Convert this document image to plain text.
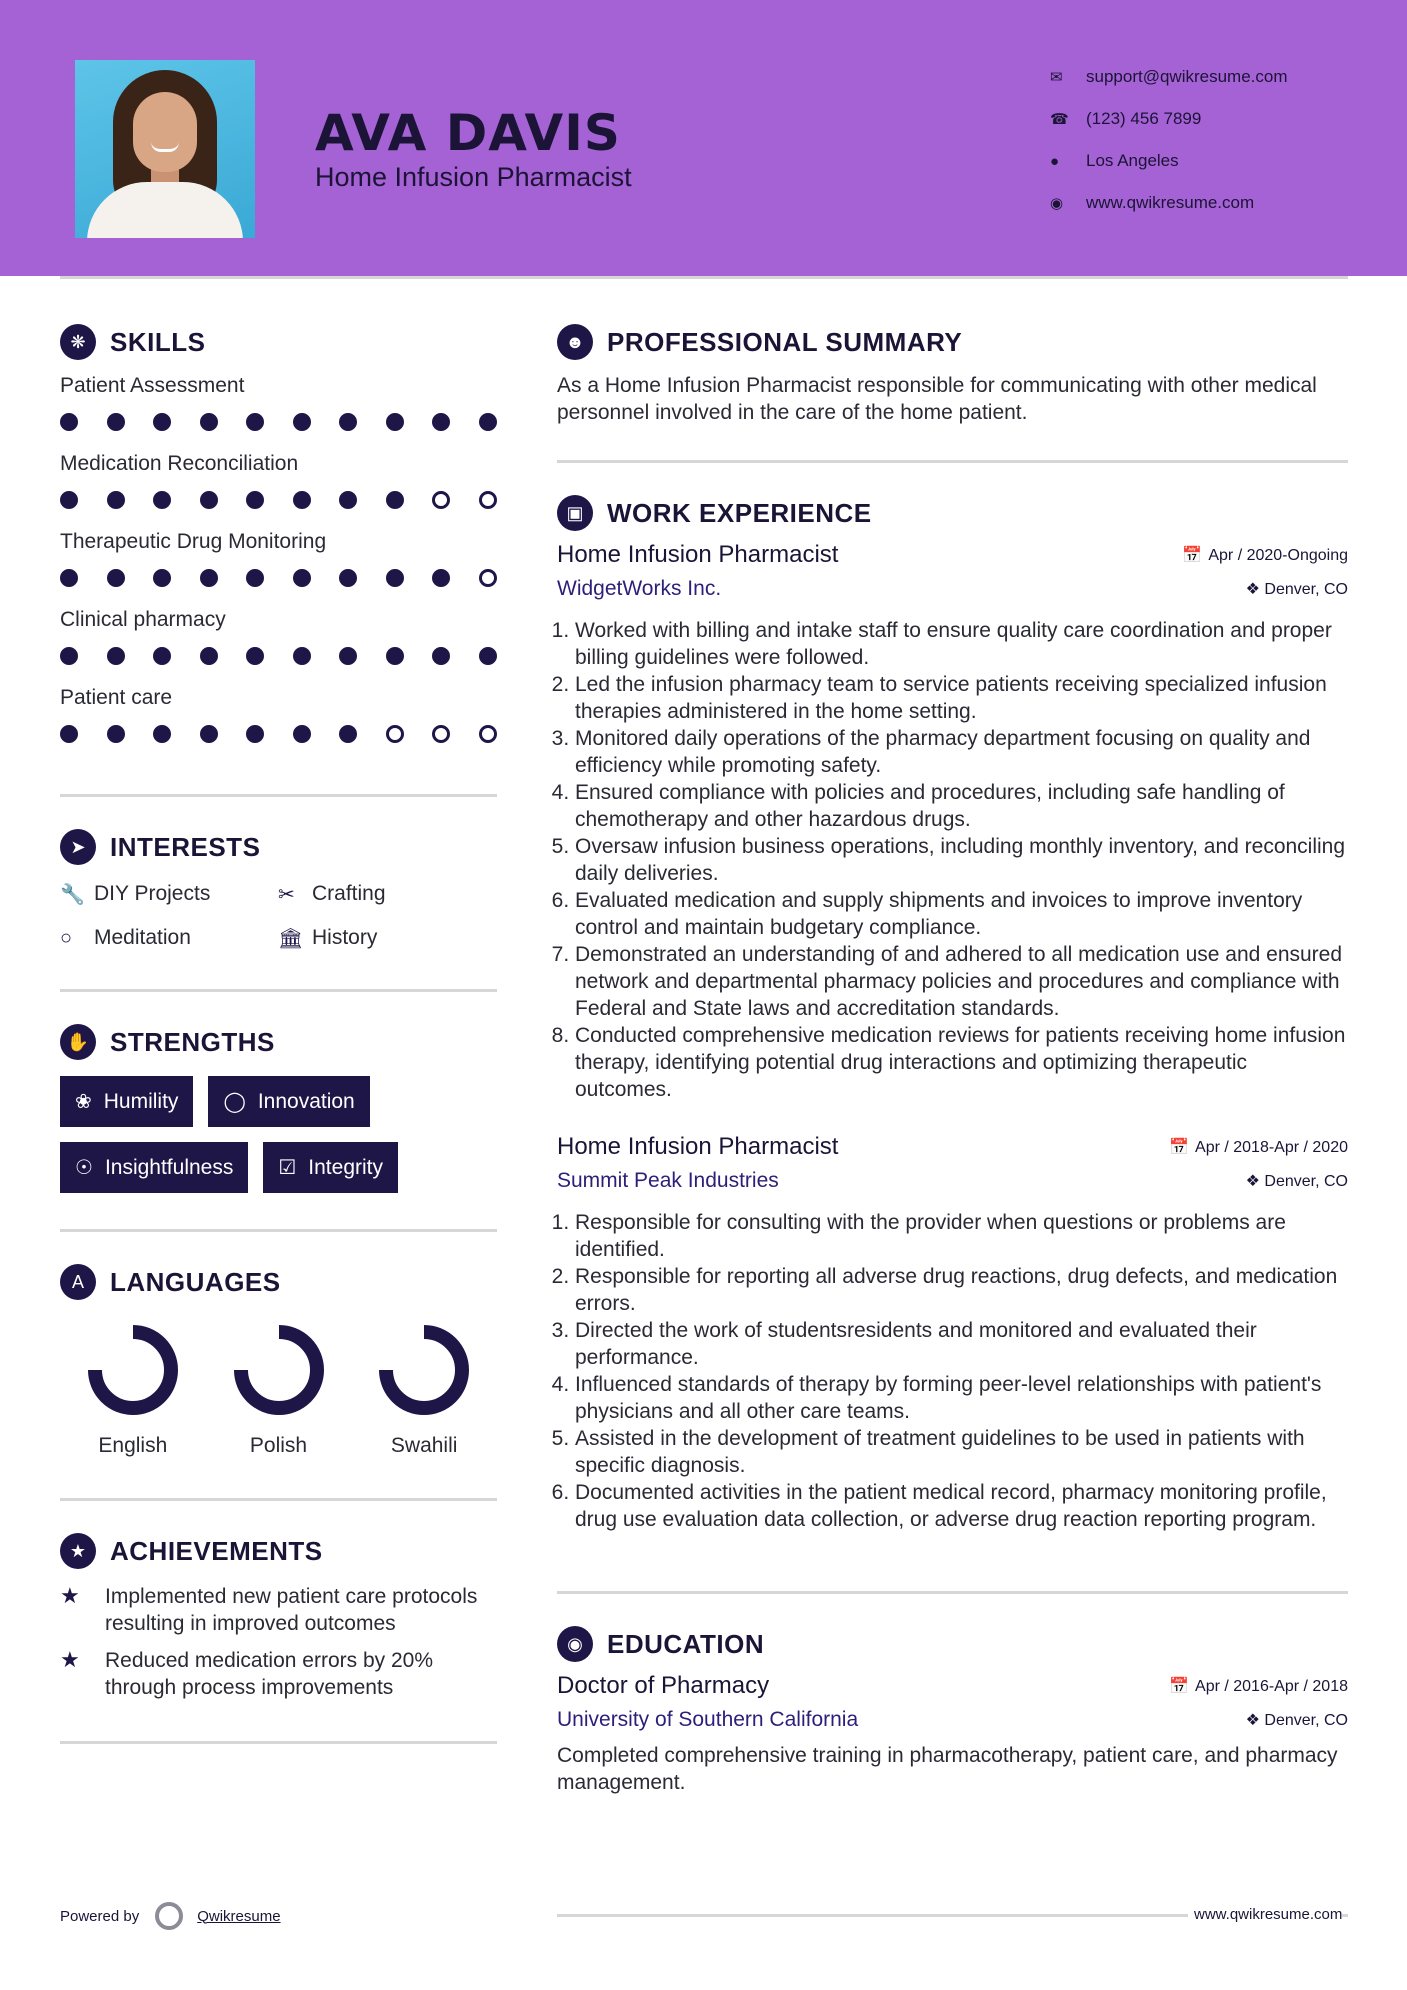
AVA DAVIS
Home Infusion Pharmacist
✉	support@qwikresume.com
☎	(123) 456 7899
●	Los Angeles
◉	www.qwikresume.com
❋ SKILLS
Patient Assessment
Medication Reconciliation
Therapeutic Drug Monitoring
Clinical pharmacy
Patient care
➤ INTERESTS
🔧 DIY Projects	✂ Crafting
○	Meditation	🏛 History
✋ STRENGTHS
❀ Humility ◯ Innovation
☉ Insightfulness ☑ Integrity
A	LANGUAGES
English	Polish	Swahili
★ ACHIEVEMENTS
★	Implemented new patient care protocols resulting in improved outcomes
★	Reduced medication errors by 20% through process improvements
Powered by	Qwikresume
☻ PROFESSIONAL SUMMARY
As a Home Infusion Pharmacist responsible for communicating with other medical personnel involved in the care of the home patient.
▣ WORK EXPERIENCE
Home Infusion Pharmacist	📅 Apr / 2020-Ongoing
WidgetWorks Inc.	❖ Denver, CO
1. Worked with billing and intake staff to ensure quality care coordination and proper billing guidelines were followed.
2. Led the infusion pharmacy team to service patients receiving specialized infusion therapies administered in the home setting.
3. Monitored daily operations of the pharmacy department focusing on quality and efficiency while promoting safety.
4. Ensured compliance with policies and procedures, including safe handling of chemotherapy and other hazardous drugs.
5. Oversaw infusion business operations, including monthly inventory, and reconciling daily deliveries.
6. Evaluated medication and supply shipments and invoices to improve inventory control and maintain budgetary compliance.
7. Demonstrated an understanding of and adhered to all medication use and ensured network and departmental pharmacy policies and procedures and compliance with Federal and State laws and accreditation standards.
8. Conducted comprehensive medication reviews for patients receiving home infusion therapy, identifying potential drug interactions and optimizing therapeutic outcomes.
Home Infusion Pharmacist	📅 Apr / 2018-Apr / 2020
Summit Peak Industries	❖ Denver, CO
1. Responsible for consulting with the provider when questions or problems are identified.
2. Responsible for reporting all adverse drug reactions, drug defects, and medication errors.
3. Directed the work of studentsresidents and monitored and evaluated their performance.
4. Influenced standards of therapy by forming peer-level relationships with patient's physicians and all other care teams.
5. Assisted in the development of treatment guidelines to be used in patients with specific diagnosis.
6. Documented activities in the patient medical record, pharmacy monitoring profile, drug use evaluation data collection, or adverse drug reaction reporting program.
◉ EDUCATION
Doctor of Pharmacy	📅 Apr / 2016-Apr / 2018
University of Southern California	❖ Denver, CO
Completed comprehensive training in pharmacotherapy, patient care, and pharmacy management.
www.qwikresume.com
